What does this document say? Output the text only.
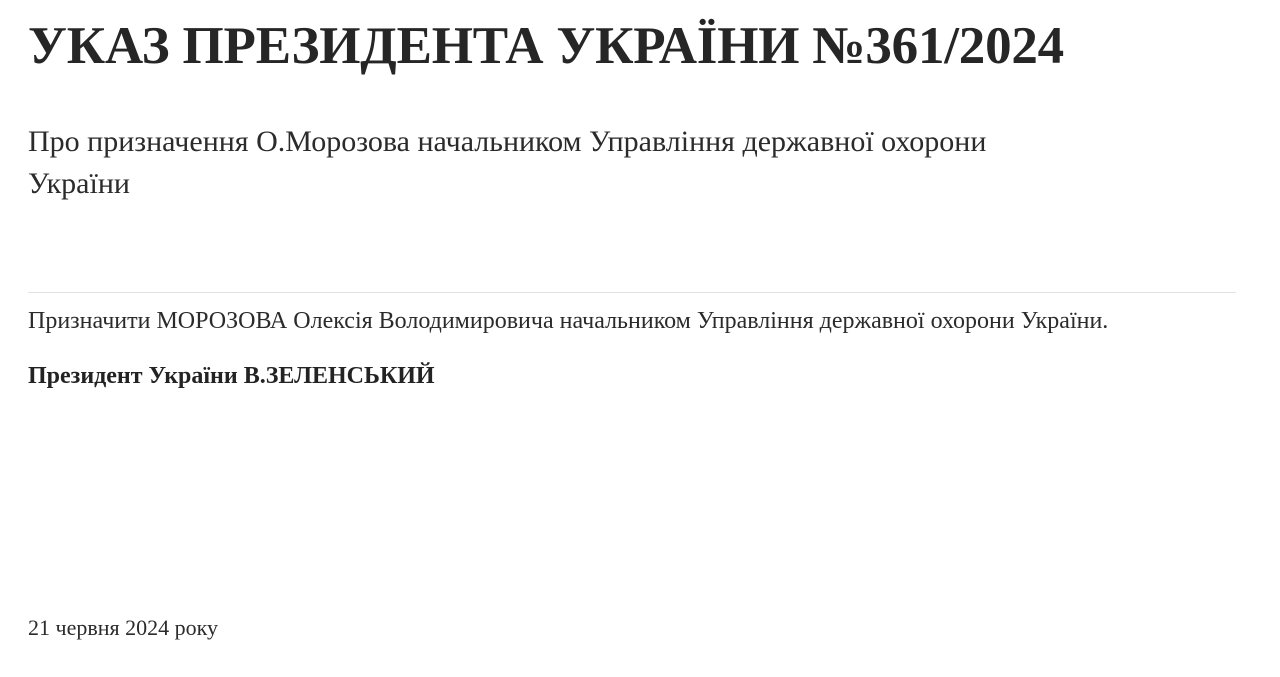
УКАЗ ПРЕЗИДЕНТА УКРАЇНИ №361/2024
Про призначення О.Морозова начальником Управління державної охорони України

Призначити МОРОЗОВА Олексія Володимировича начальником Управління державної охорони України.

Президент України В.ЗЕЛЕНСЬКИЙ

21 червня 2024 року
